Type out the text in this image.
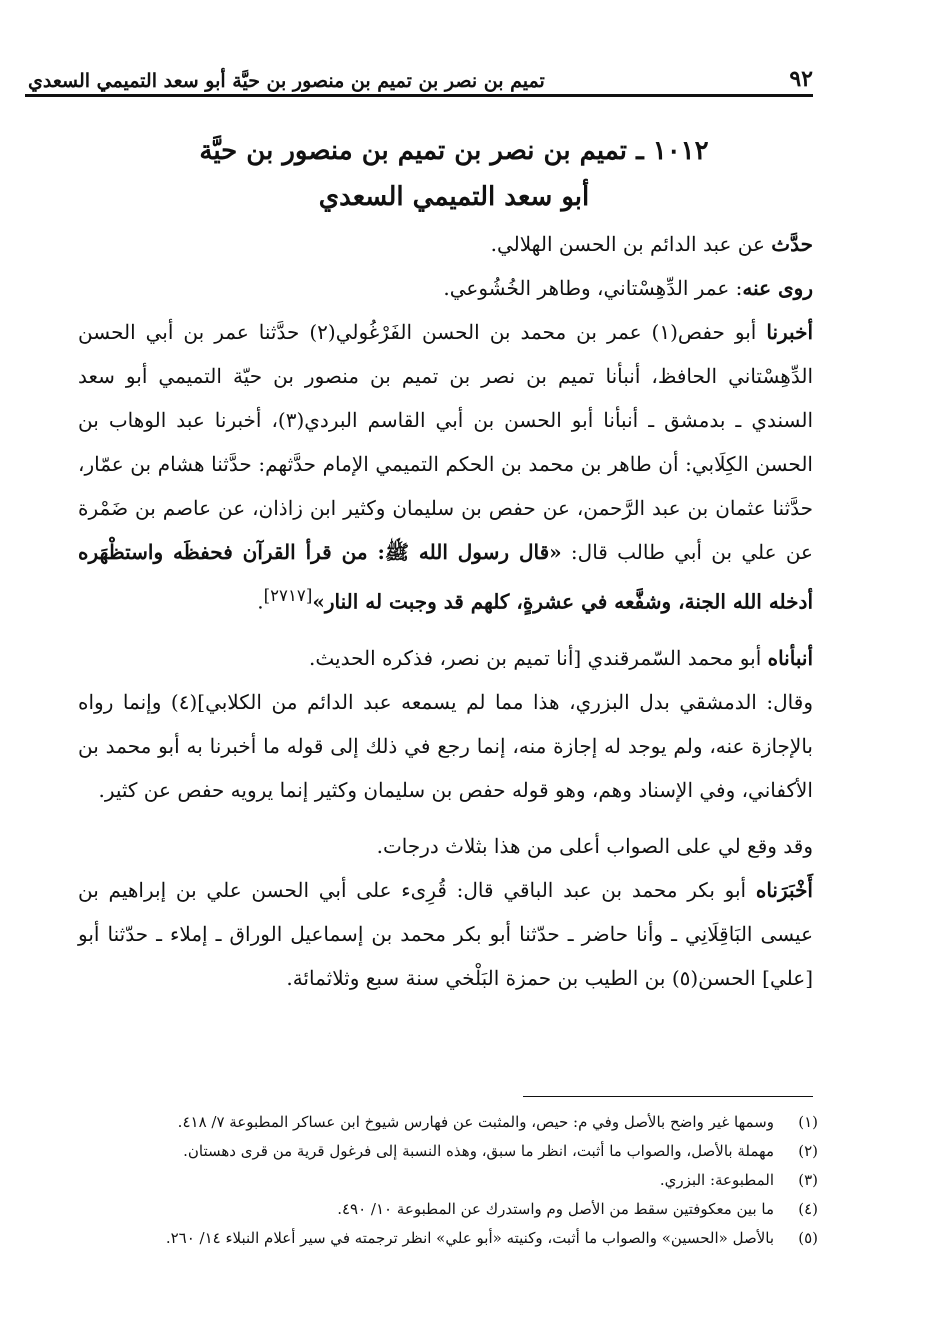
٩٢
تميم بن نصر بن تميم بن منصور بن حيَّة أبو سعد التميمي السعدي
١٠١٢ ـ تميم بن نصر بن تميم بن منصور بن حيَّة
أبو سعد التميمي السعدي

حدَّث عن عبد الدائم بن الحسن الهلالي.

روى عنه: عمر الدِّهِسْتاني، وطاهر الخُشُوعي.

أخبرنا أبو حفص(١) عمر بن محمد بن الحسن الفَرْغُولي(٢) حدَّثنا عمر بن أبي الحسن الدِّهِسْتاني الحافظ، أنبأنا تميم بن نصر بن تميم بن منصور بن حيّة التميمي أبو سعد السندي ـ بدمشق ـ أنبأنا أبو الحسن بن أبي القاسم البردي(٣)، أخبرنا عبد الوهاب بن الحسن الكِلَابي: أن طاهر بن محمد بن الحكم التميمي الإمام حدَّثهم: حدَّثنا هشام بن عمّار، حدَّثنا عثمان بن عبد الرَّحمن، عن حفص بن سليمان وكثير ابن زاذان، عن عاصم بن ضَمْرة عن علي بن أبي طالب قال: «قال رسول الله ﷺ: من قرأ القرآن فحفظَه واستظْهَره أدخله الله الجنة، وشفَّعه في عشرةٍ، كلهم قد وجبت له النار»[٢٧١٧].

أنبأناه أبو محمد السّمرقندي [أنا تميم بن نصر، فذكره الحديث.

وقال: الدمشقي بدل البزري، هذا مما لم يسمعه عبد الدائم من الكلابي](٤) وإنما رواه بالإجازة عنه، ولم يوجد له إجازة منه، إنما رجع في ذلك إلى قوله ما أخبرنا به أبو محمد بن الأكفاني، وفي الإسناد وهم، وهو قوله حفص بن سليمان وكثير إنما يرويه حفص عن كثير.

وقد وقع لي على الصواب أعلى من هذا بثلاث درجات.

أَخْبَرَناه أبو بكر محمد بن عبد الباقي قال: قُرِىء على أبي الحسن علي بن إبراهيم بن عيسى البَاقِلَانِي ـ وأنا حاضر ـ حدّثنا أبو بكر محمد بن إسماعيل الوراق ـ إملاء ـ حدّثنا أبو [علي] الحسن(٥) بن الطيب بن حمزة البَلْخي سنة سبع وثلاثمائة.

(١)
وسمها غير واضح بالأصل وفي م: حيص، والمثبت عن فهارس شيوخ ابن عساكر المطبوعة ٧/ ٤١٨.
(٢)
مهملة بالأصل، والصواب ما أثبت، انظر ما سبق، وهذه النسبة إلى فرغول قرية من قرى دهستان.
(٣)
المطبوعة: البزري.
(٤)
ما بين معكوفتين سقط من الأصل وم واستدرك عن المطبوعة ١٠/ ٤٩٠.
(٥)
بالأصل «الحسين» والصواب ما أثبت، وكنيته «أبو علي» انظر ترجمته في سير أعلام النبلاء ١٤/ ٢٦٠.
